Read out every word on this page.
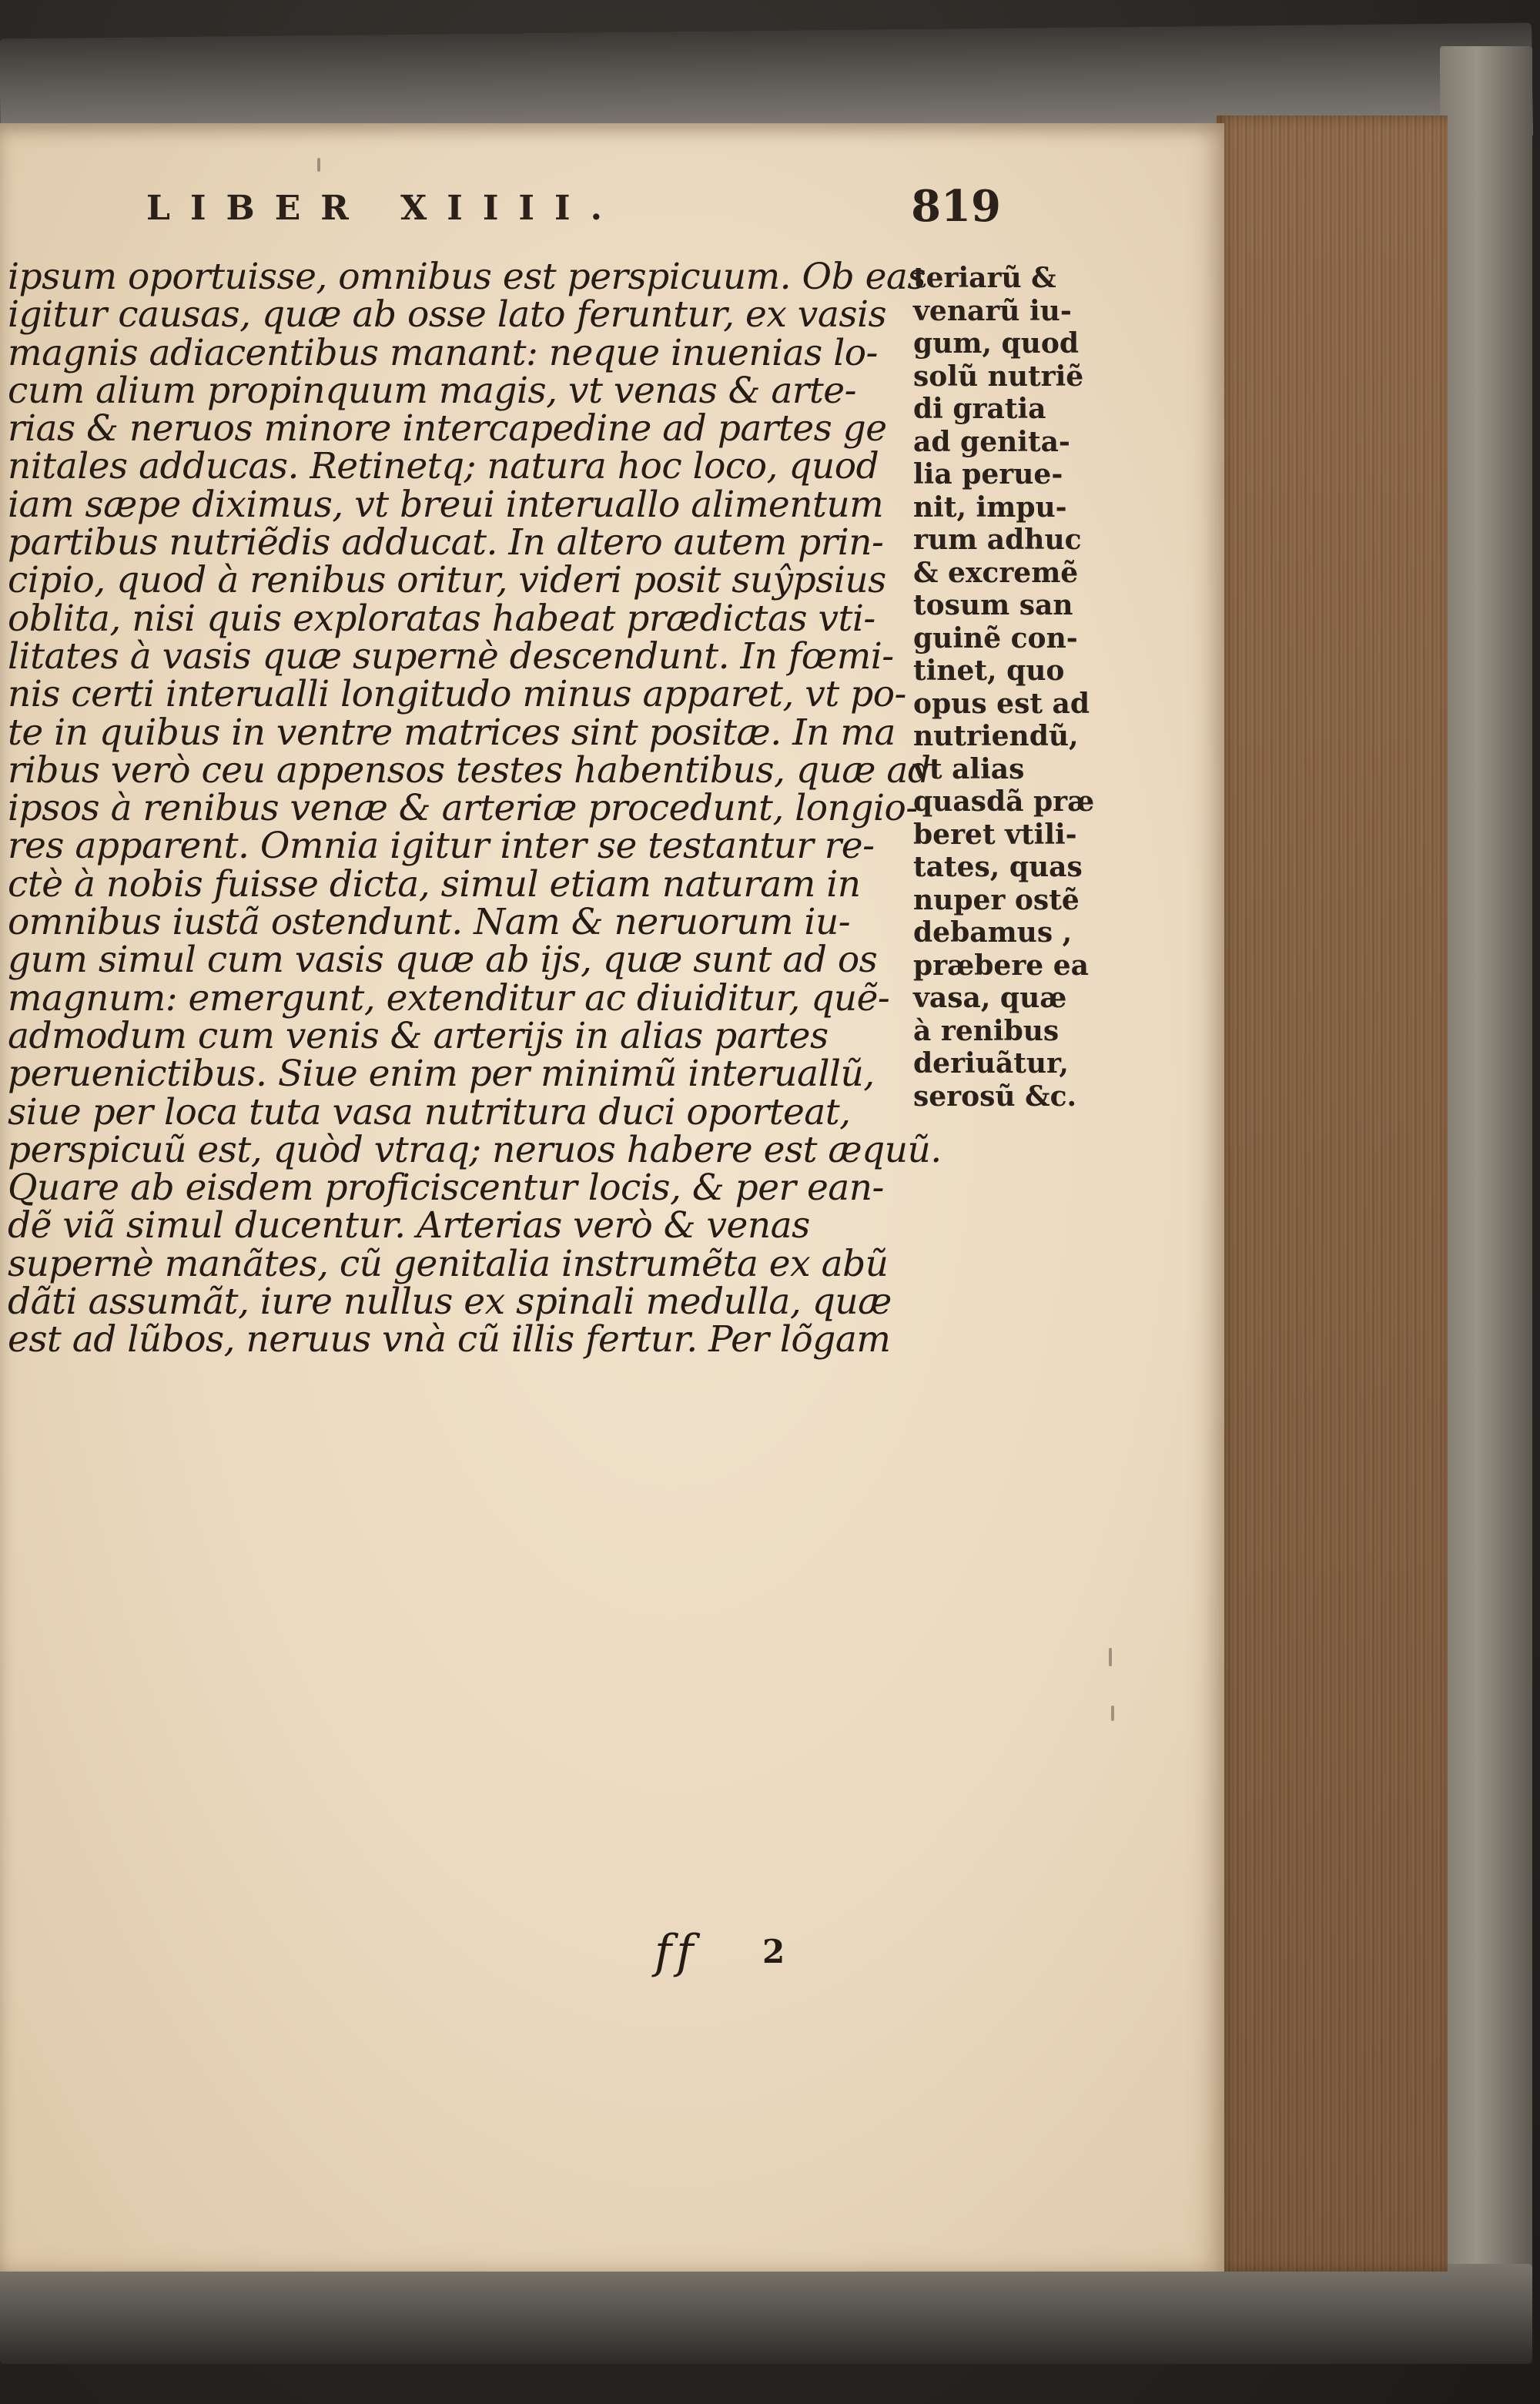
LIBER XIIII.	819
ipsum oportuisse, omnibus est perspicuum. Ob eas
igitur causas, quæ ab osse lato feruntur, ex vasis
magnis adiacentibus manant: neque inuenias lo-
cum alium propinquum magis, vt venas & arte-
rias & neruos minore intercapedine ad partes ge
nitales adducas. Retinetq; natura hoc loco, quod
iam sæpe diximus, vt breui interuallo alimentum
partibus nutriẽdis adducat. In altero autem prin-
cipio, quod à renibus oritur, videri posit suŷpsius
oblita, nisi quis exploratas habeat prædictas vti-
litates à vasis quæ supernè descendunt. In fœmi-
nis certi interualli longitudo minus apparet, vt po-
te in quibus in ventre matrices sint positæ. In ma
ribus verò ceu appensos testes habentibus, quæ ad
ipsos à renibus venæ & arteriæ procedunt, longio-
res apparent. Omnia igitur inter se testantur re-
ctè à nobis fuisse dicta, simul etiam naturam in
omnibus iustã ostendunt. Nam & neruorum iu-
gum simul cum vasis quæ ab ijs, quæ sunt ad os
magnum: emergunt, extenditur ac diuiditur, quẽ-
admodum cum venis & arterijs in alias partes
peruenictibus. Siue enim per minimũ interuallũ,
siue per loca tuta vasa nutritura duci oporteat,
perspicuũ est, quòd vtraq; neruos habere est æquũ.
Quare ab eisdem proficiscentur locis, & per ean-
dẽ viã simul ducentur. Arterias verò & venas
supernè manãtes, cũ genitalia instrumẽta ex abũ
dãti assumãt, iure nullus ex spinali medulla, quæ
est ad lũbos, neruus vnà cũ illis fertur. Per lõgam
teriarũ &
venarũ iu-
gum, quod
solũ nutriẽ
di gratia
ad genita-
lia perue-
nit, impu-
rum adhuc
& excremẽ
tosum san
guinẽ con-
tinet, quo
opus est ad
nutriendũ,
vt alias
quasdã præ
beret vtili-
tates, quas
nuper ostẽ
debamus ,
præbere ea
vasa, quæ
à renibus
deriuãtur,
serosũ &c.
ff 2
